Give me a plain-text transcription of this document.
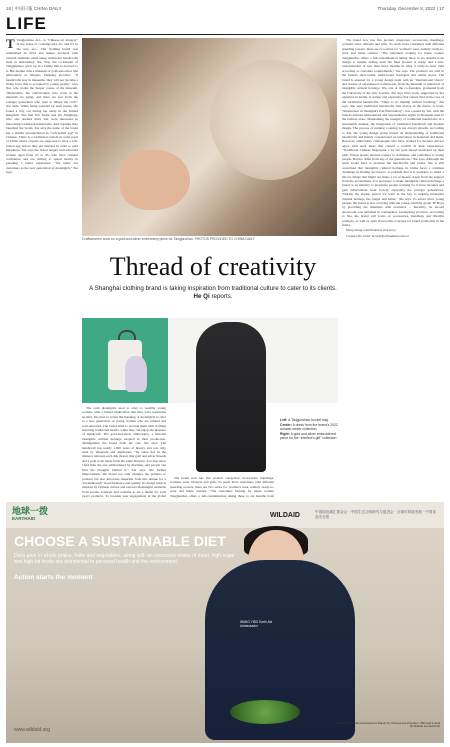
18 | 中国日報 CHINA DAILY	Thursday, December 8, 2022 | 17
LIFE

T Tangjunzhao Art... is "Chinese art imagery" in the sense of contemporary art, and it's in the new era... The clothing brand was established in 2014 and makes products with cultural elements while using traditional handicrafts such as embroidery. Xie Yiqi, the co-founder of Tangjunzhao, grew up in a family that is devoted to it. Her mother runs a museum of gold-and-silver line embroidery in Ningbo, Zhejiang province. "If handicrafts stay in museums, they will not become a living force that is accepted by young people," says Xie, who tracks the deeper course of the museum. "Meanwhile, the craftswomen who work at the museum are aging, and there are few from the younger generation who want to inherit the craft," Xie adds. While being troubled by such issues, she found a way out during her study in the United Kingdom. She met Wu Jiaqiu and Jin Jiangheng, who also studied there and were interested in innovating traditional handicrafts. And together they launched the brand. Xie says the name of the brand has a similar pronunciation as "soft-boiled egg" in Chinese. There is a traditional custom in some parts of China where couples are supposed to have a soft-boiled egg before they get married in order to gain happiness. Xie says the brand targets well-educated women aged from 25 to 45, who have cultural confidence and are willing to spend money in pursuing a better experience. "We name our customers as the new generation of dreamgirls," Xie says.

Craftswomen work on a gold-and-silver embroidery piece for Tangjunzhao. PHOTOS PROVIDED TO CHINA DAILY
Thread of creativity
A Shanghai clothing brand is taking inspiration from traditional culture to cater to its clients. He Qi reports.

The brand now has five product categories: accessories, handbags, womens wear, lifestyle and gifts. To reach more customers with different spending powers, there are two series for 'women's wear, namely ready-to-wear and haute couture. "The customers looking for haute couture Tangjunzhao offers a full-customization taking three to six months from design to sample testing until the final product is ready, and a full-customization of less than three months in what a ready-to-wear item according to customer requirements," Xie says. The products are sold in the brand's showrooms, multi-brand boutiques and online stores. The brand is ensured for a young design team with an "international vision" and dozens of experienced craftspeople, from the museum or inheritors of intangible cultural heritage. Wu, one of the co-founders, graduated from the University of the Arts London. Xie says Wu's work, supported by her expertise in textile, is artistic and expressive that cannot find in the case of the traditional handicrafts. "There is no making without breaking," Xie says. She says traditional handicrafts will evolve in the future. A work, "Respiration in Shanghai's Fan Embroidery", was created by Wu, with the brand's artisans embroidered and representative sights in Shanghai used in the fashion store. Maintaining the integrity of traditional handicrafts in a sustainable manner, the integration of traditional handicraft and modern design. The process of running a startup is not always smooth. According to Xie, the young design group lacked an understanding of traditional handicrafts and mainly concentrated on innovation in materials and skills. However, embroidery craftspeople who have worked for decades did not agree with such ideas that caused a conflict in their experiences. "Traditional Chinese fingerprint a lot but gold thread incubated up their path. Young people showed respect to craftsmen, and craftsmen to young people. Hard to differ from any of the generations," Xie says. Although the team works hard to promote the handicrafts and brand, Xie is still concerned that intangible cultural heritage in China faces a common challenge in finding successors. A problem that it is pointless to make a life for things that might not make a lot of money. Apart from the support from the government, it is necessary to make intangible cultural heritage a brand or an industry to guarantee people working for it have incomes and gain achievement from society, especially the younger generations. "During the startup period we were in the key to helping intangible cultural heritage live longer and better," Xie says. To attract more young people, the brand is also evolving with the young celebrity group TF Boys by providing the members with exclusive ... Recently, its second showroom was launched in Guangzhou, Guangdong province. According to Xie, the brand will focus on accessories, handbags and lifestyle products, as well as open showrooms overseas for brand promotion in the future.

Wang Zhuqi contributed to this story.

Contact the writer at heqi@chinadaily.com.cn

The term dreamgirls used to refer to wealthy young women, with a biased implication that they were somewhat spoiled. Xie tries to revise the meaning of dreamgirls to refer to a new generation of young women who are refined and well-educated. The brand aims to provide them with clothing featuring traditional motifs, while they can enjoy the pleasure of handicraft. The gold-and-silver embroidery, a national intangible cultural heritage adopted in their production, distinguishes the brand from the rest, Xie says. The handicraft has nearly 1,600 years of history and was only used by imperials and dignitaries. "Its value lies in the distance between each silk thread, that gold and silver threads and a gold work made from the same distance. It is also more vivid than the one embroidered by machine, and people can find the thoughts behind it," Xie says. Xie further improvement, the brand not only changes the patterns to produce but also innovates materials from this unique for a "breakthrough" in performance and quality. Its design team is inspired by Chinese culture and extracts meaningful elements from poems, festivals and costume to set a theme for each year's products. To broaden user engagement in the global

The brand now has five product categories: accessories, handbags, womens wear, lifestyle and gifts. To reach more customers with different spending powers, there are two series for 'women's wear, namely ready-to-wear and haute couture. "The customers looking for haute couture Tangjunzhao offers a full-customization taking three to six months from

Left: A Tangjunzhao bucket bag.
Center: A dress from the brand's 2022 autumn-winter collection.
Right: A gold-and-silver embroidered piece for the "intellect's gift" collection.
地球一拨
EARTHAID	WILDAID	中国绿色碳汇基金会 · 中国生态文明研究与促进会 · 全球可持续发展 · 中国食品安全报
CHOOSE A SUSTAINABLE DIET
Diets poor in whole grains, fruits and vegetables, along with an excessive intake of meat, high sugar and high-fat foods are detrimental to personal health and the environment.
Action starts the moment
WANG YIBO Earth Aid Ambassador
www.wildaid.org
Source: Sustainable Development Report for Chinese Food System. Wild and in-kind by WildAid and EarthAid
